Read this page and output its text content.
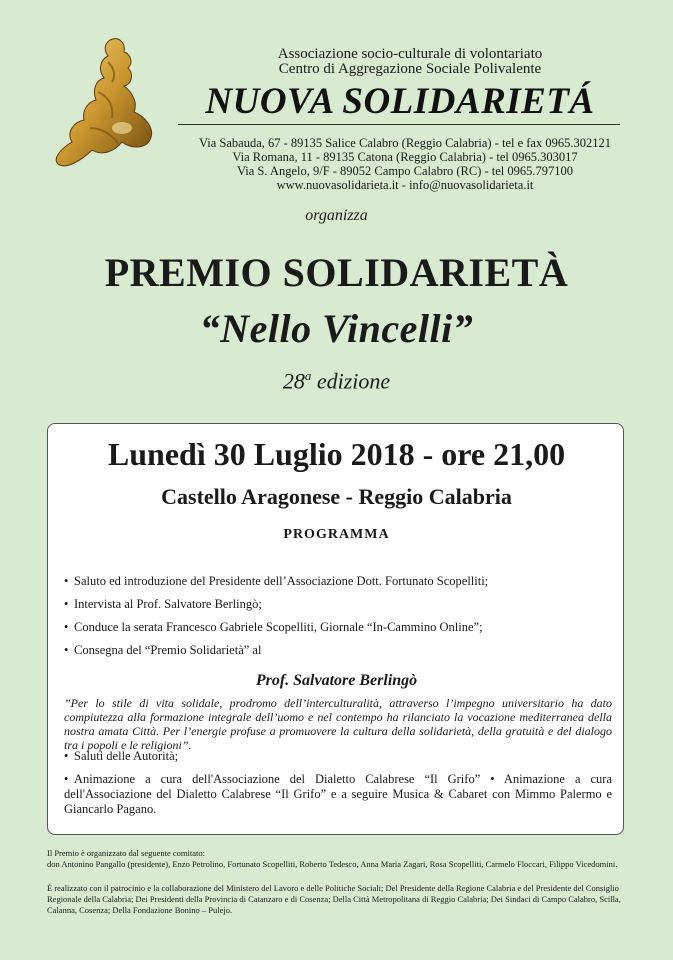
Associazione socio-culturale di volontariato
Centro di Aggregazione Sociale Polivalente
NUOVA SOLIDARIETÁ
Via Sabauda, 67 - 89135 Salice Calabro (Reggio Calabria) - tel e fax 0965.302121
Via Romana, 11 - 89135 Catona (Reggio Calabria) - tel 0965.303017
Via S. Angelo, 9/F - 89052 Campo Calabro (RC) - tel 0965.797100
www.nuovasolidarieta.it - info@nuovasolidarieta.it
organizza
PREMIO SOLIDARIETÀ
“Nello Vincelli”
28$^a$ edizione
Lunedì 30 Luglio 2018 - ore 21,00
Castello Aragonese - Reggio Calabria
PROGRAMMA
• Saluto ed introduzione del Presidente dell’Associazione Dott. Fortunato Scopelliti;
• Intervista al Prof. Salvatore Berlingò;
• Conduce la serata Francesco Gabriele Scopelliti, Giornale “In-Cammino Online”;
• Consegna del “Premio Solidarietà” al
Prof. Salvatore Berlingò
”Per lo stile di vita solidale, prodromo dell’interculturalità, attraverso l’impegno universitario ha dato compiutezza alla formazione integrale dell’uomo e nel contempo ha rilanciato la vocazione mediterranea della nostra amata Città. Per l’energie profuse a promuovere la cultura della solidarietà, della gratuità e del dialogo tra i popoli e le religioni”.
• Saluti delle Autorità;
• Animazione a cura dell'Associazione del Dialetto Calabrese “Il Grifo” • Animazione a cura dell'Associazione del Dialetto Calabrese “Il Grifo” e a seguire Musica & Cabaret con Mimmo Palermo e Giancarlo Pagano.
Il Premio è organizzato dal seguente comitato:
don Antonino Pangallo (presidente), Enzo Petrolino, Fortunato Scopelliti, Roberto Tedesco, Anna Maria Zagari, Rosa Scopelliti, Carmelo Floccari, Filippo Vicedomini.
È realizzato con il patrocinio e la collaborazione del Ministero del Lavoro e delle Politiche Sociali; Del Presidente della Regione Calabria e del Presidente del Consiglio Regionale della Calabria; Dei Presidenti della Provincia di Catanzaro e di Cosenza; Della Città Metropolitana di Reggio Calabria; Dei Sindaci di Campo Calabro, Scilla, Calanna, Cosenza; Della Fondazione Bonino – Pulejo.
